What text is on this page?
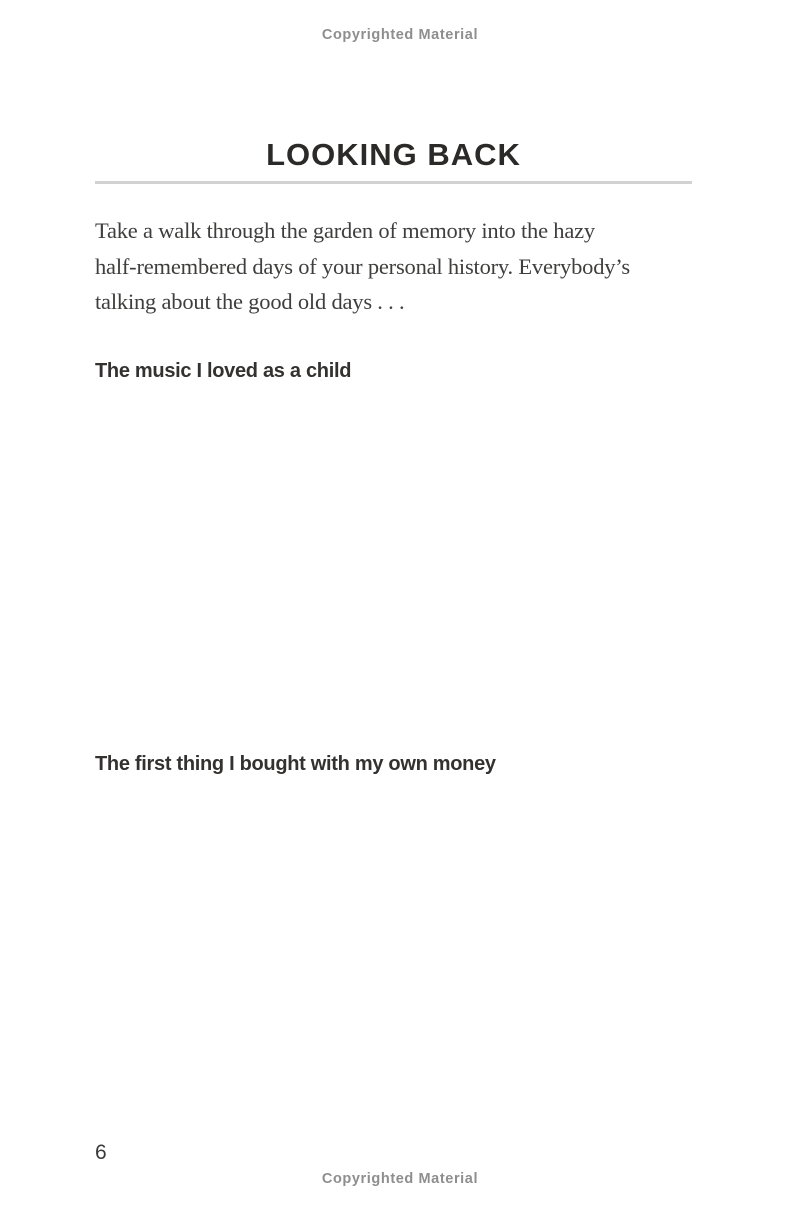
Copyrighted Material
LOOKING BACK
Take a walk through the garden of memory into the hazy
half-remembered days of your personal history. Everybody’s
talking about the good old days . . .
The music I loved as a child
The first thing I bought with my own money
6
Copyrighted Material
